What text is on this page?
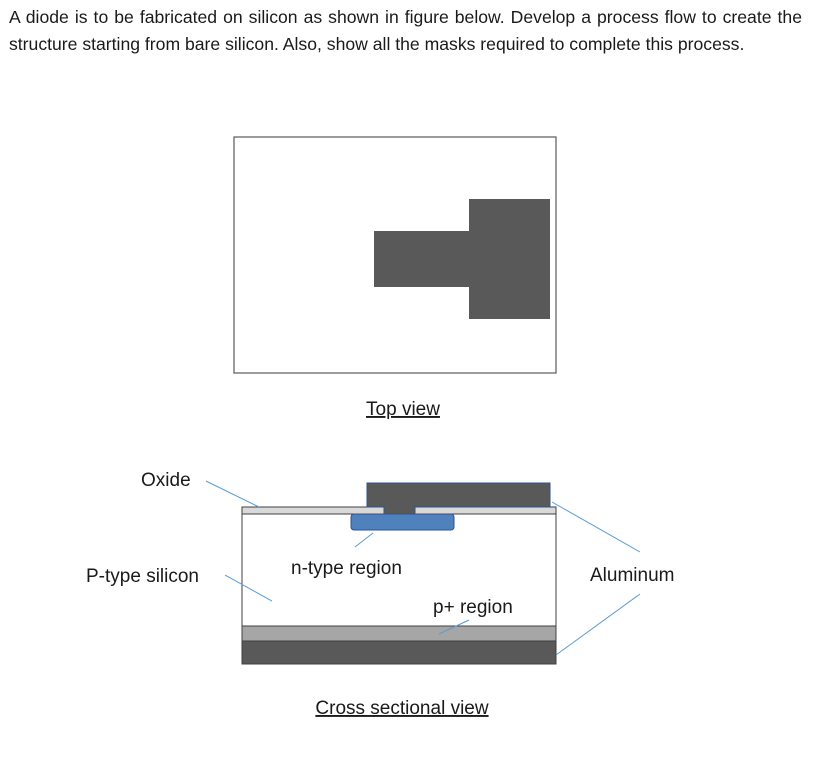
A diode is to be fabricated on silicon as shown in figure below. Develop a process flow to create the structure starting from bare silicon. Also, show all the masks required to complete this process.

Top view
Oxide
P-type silicon	n-type region
p+ region
Aluminum
Cross sectional view
